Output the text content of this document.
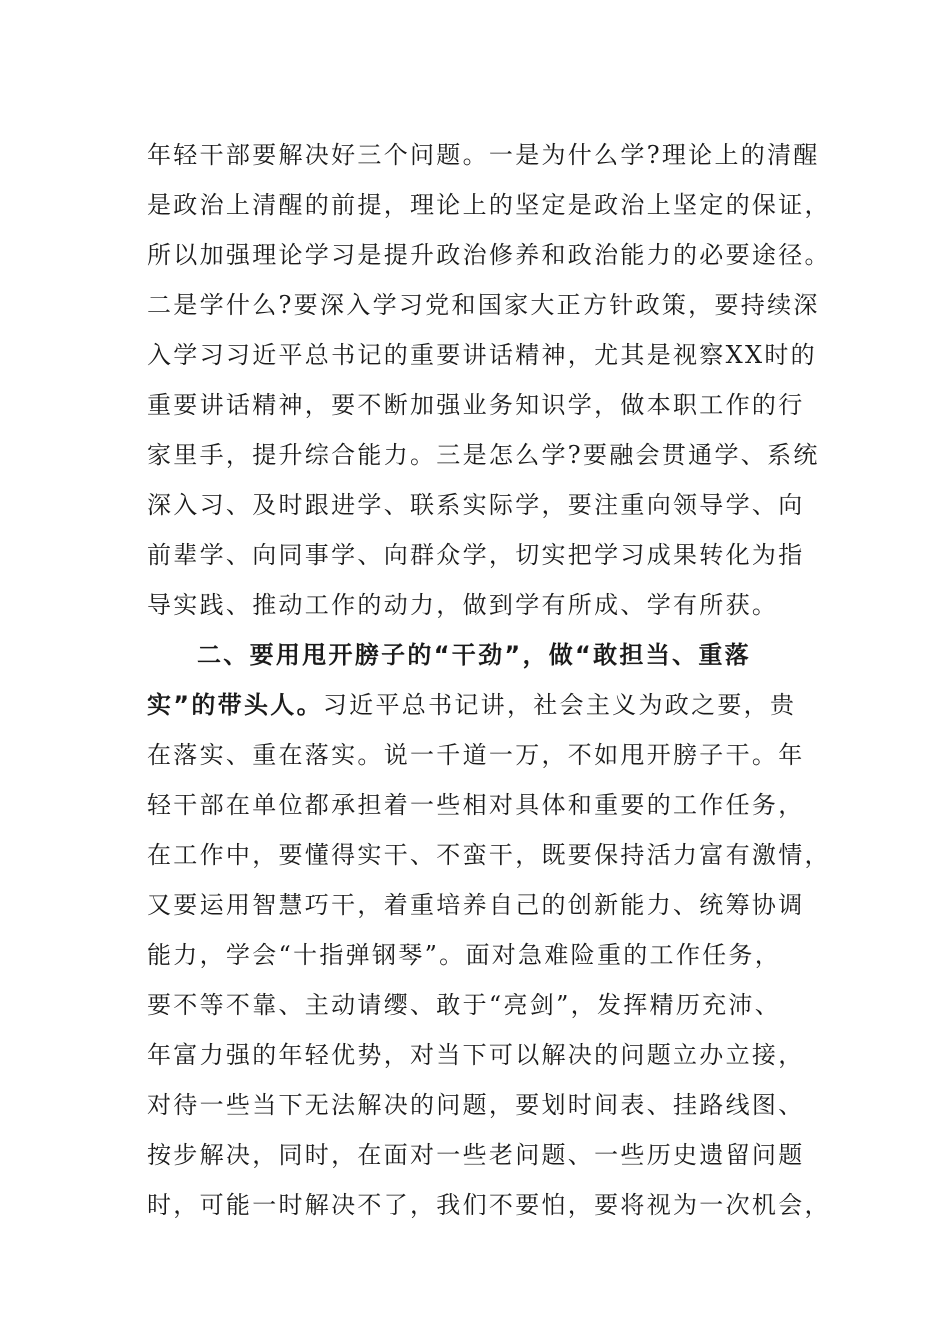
年轻干部要解决好三个问题。一是为什么学?理论上的清醒
是政治上清醒的前提，理论上的坚定是政治上坚定的保证，
所以加强理论学习是提升政治修养和政治能力的必要途径。
二是学什么?要深入学习党和国家大正方针政策，要持续深
入学习习近平总书记的重要讲话精神，尤其是视察XX时的
重要讲话精神，要不断加强业务知识学，做本职工作的行
家里手，提升综合能力。三是怎么学?要融会贯通学、系统
深入习、及时跟进学、联系实际学，要注重向领导学、向
前辈学、向同事学、向群众学，切实把学习成果转化为指
导实践、推动工作的动力，做到学有所成、学有所获。
二、要用甩开膀子的“干劲”，做“敢担当、重落
实”的带头人。习近平总书记讲，社会主义为政之要，贵
在落实、重在落实。说一千道一万，不如甩开膀子干。年
轻干部在单位都承担着一些相对具体和重要的工作任务，
在工作中，要懂得实干、不蛮干，既要保持活力富有激情，
又要运用智慧巧干，着重培养自己的创新能力、统筹协调
能力，学会“十指弹钢琴”。面对急难险重的工作任务，
要不等不靠、主动请缨、敢于“亮剑”，发挥精历充沛、
年富力强的年轻优势，对当下可以解决的问题立办立接，
对待一些当下无法解决的问题，要划时间表、挂路线图、
按步解决，同时，在面对一些老问题、一些历史遗留问题
时，可能一时解决不了，我们不要怕，要将视为一次机会，
